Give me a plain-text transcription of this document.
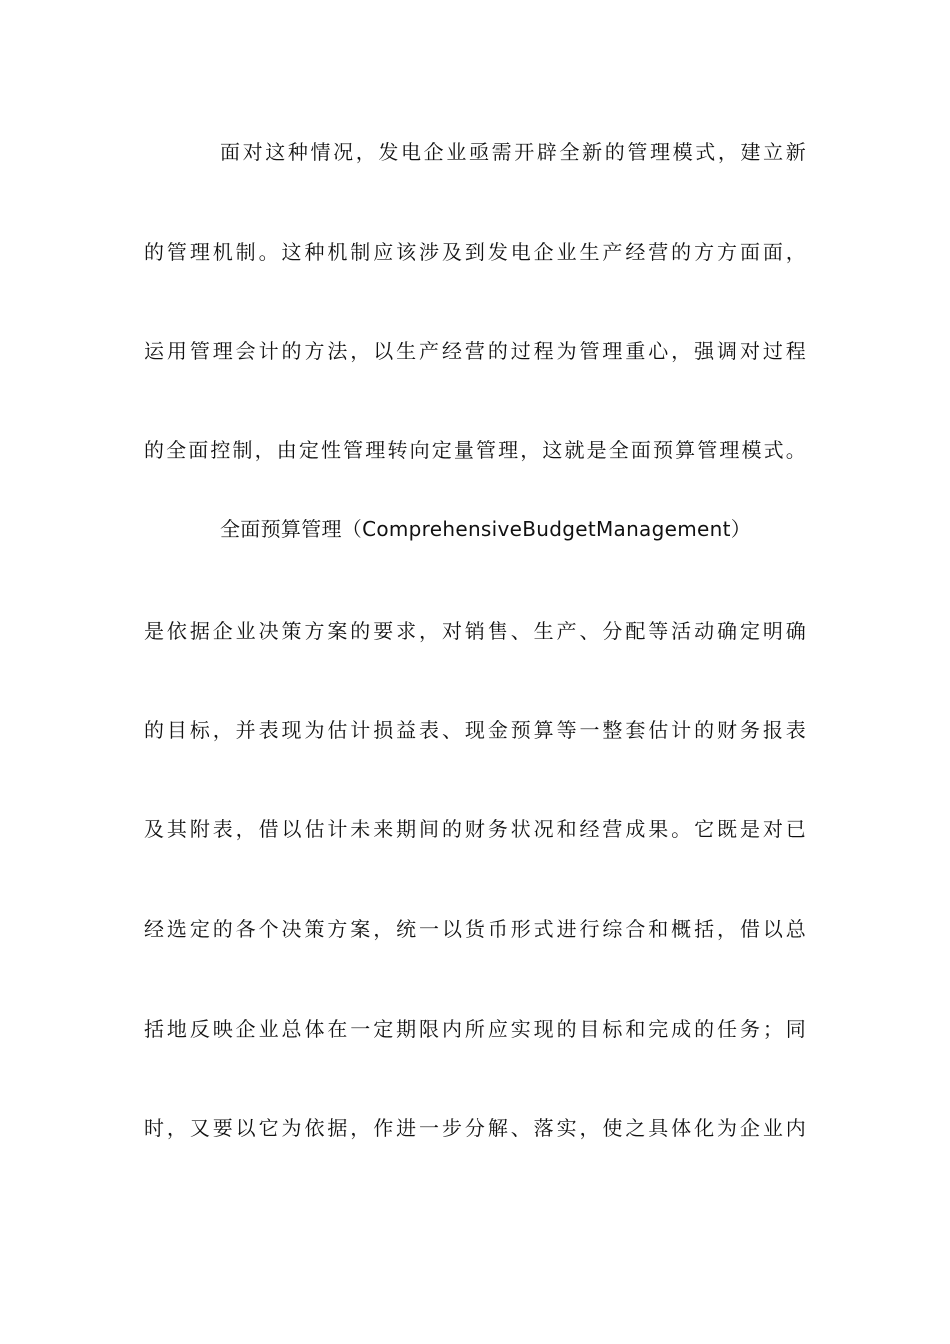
面对这种情况，发电企业亟需开辟全新的管理模式，建立新
的管理机制。这种机制应该涉及到发电企业生产经营的方方面面，
运用管理会计的方法，以生产经营的过程为管理重心，强调对过程
的全面控制，由定性管理转向定量管理，这就是全面预算管理模式。
全面预算管理（ComprehensiveBudgetManagement）
是依据企业决策方案的要求，对销售、生产、分配等活动确定明确
的目标，并表现为估计损益表、现金预算等一整套估计的财务报表
及其附表，借以估计未来期间的财务状况和经营成果。它既是对已
经选定的各个决策方案，统一以货币形式进行综合和概括，借以总
括地反映企业总体在一定期限内所应实现的目标和完成的任务；同
时，又要以它为依据，作进一步分解、落实，使之具体化为企业内
